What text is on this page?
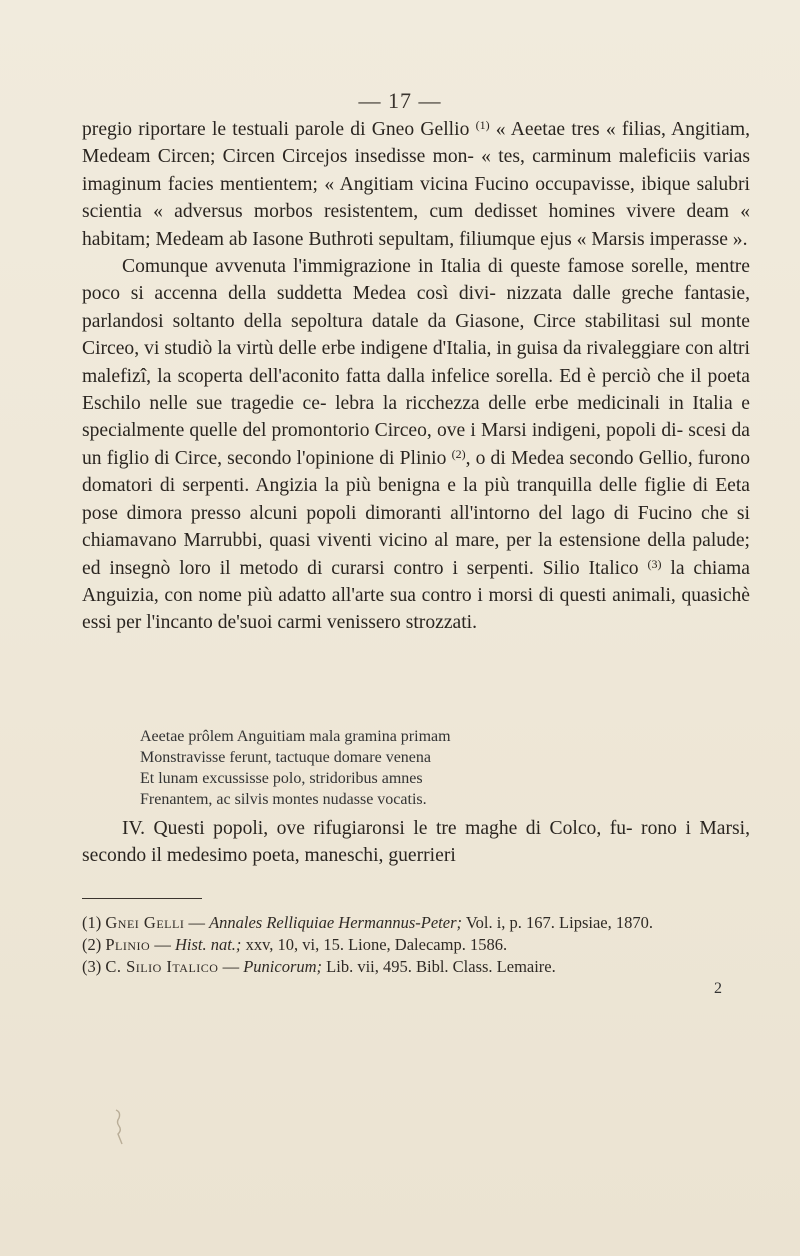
— 17 —

pregio riportare le testuali parole di Gneo Gellio $^{(1)}$ « Aeetae tres « filias, Angitiam, Medeam Circen; Circen Circejos insedisse mon- « tes, carminum maleficiis varias imaginum facies mentientem; « Angitiam vicina Fucino occupavisse, ibique salubri scientia « adversus morbos resistentem, cum dedisset homines vivere deam « habitam; Medeam ab Iasone Buthroti sepultam, filiumque ejus « Marsis imperasse ».

Comunque avvenuta l'immigrazione in Italia di queste famose sorelle, mentre poco si accenna della suddetta Medea così divi- nizzata dalle greche fantasie, parlandosi soltanto della sepoltura datale da Giasone, Circe stabilitasi sul monte Circeo, vi studiò la virtù delle erbe indigene d'Italia, in guisa da rivaleggiare con altri malefizî, la scoperta dell'aconito fatta dalla infelice sorella. Ed è perciò che il poeta Eschilo nelle sue tragedie ce- lebra la ricchezza delle erbe medicinali in Italia e specialmente quelle del promontorio Circeo, ove i Marsi indigeni, popoli di- scesi da un figlio di Circe, secondo l'opinione di Plinio $^{(2)}$, o di Medea secondo Gellio, furono domatori di serpenti. Angizia la più benigna e la più tranquilla delle figlie di Eeta pose dimora presso alcuni popoli dimoranti all'intorno del lago di Fucino che si chiamavano Marrubbi, quasi viventi vicino al mare, per la estensione della palude; ed insegnò loro il metodo di curarsi contro i serpenti. Silio Italico $^{(3)}$ la chiama Anguizia, con nome più adatto all'arte sua contro i morsi di questi animali, quasichè essi per l'incanto de'suoi carmi venissero strozzati.

Aeetae prôlem Anguitiam mala gramina primam
Monstravisse ferunt, tactuque domare venena
Et lunam excussisse polo, stridoribus amnes
Frenantem, ac silvis montes nudasse vocatis.

IV. Questi popoli, ove rifugiaronsi le tre maghe di Colco, fu- rono i Marsi, secondo il medesimo poeta, maneschi, guerrieri

(1) Gnei Gelli — Annales Relliquiae Hermannus-Peter; Vol. i, p. 167. Lipsiae, 1870.

(2) Plinio — Hist. nat.; xxv, 10, vi, 15. Lione, Dalecamp. 1586.

(3) C. Silio Italico — Punicorum; Lib. vii, 495. Bibl. Class. Lemaire.

2
